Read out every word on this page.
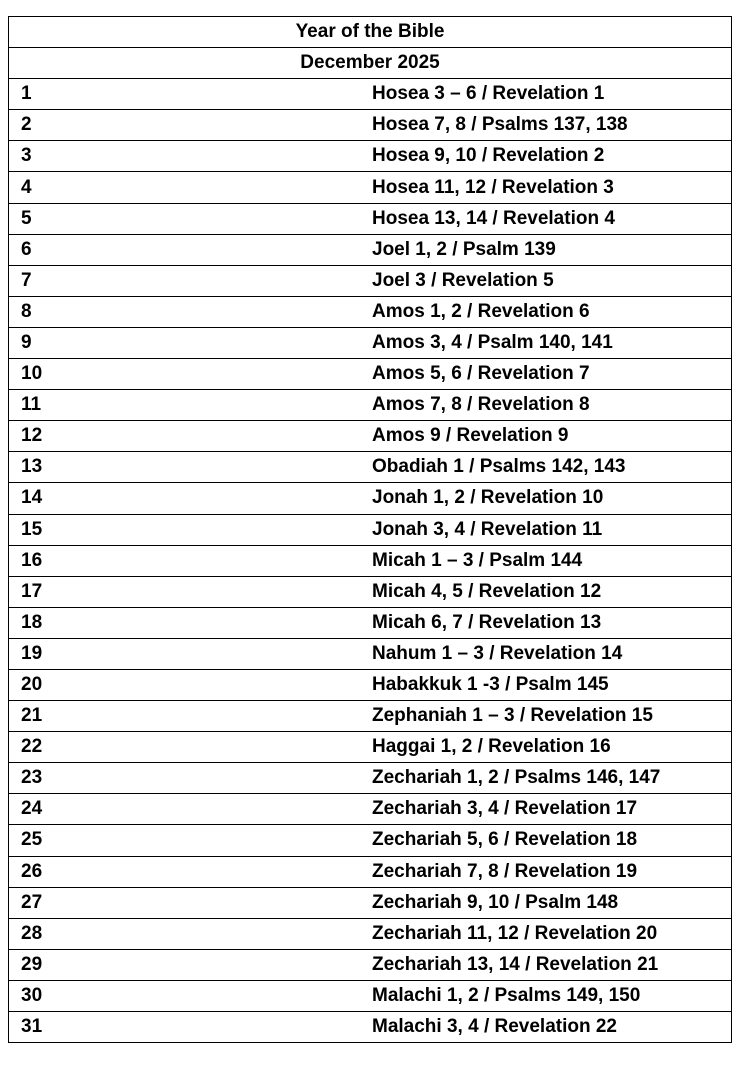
Year of the Bible	
December 2025	
1	Hosea 3 – 6 / Revelation 1
2	Hosea 7, 8 / Psalms 137, 138
3	Hosea 9, 10 / Revelation 2
4	Hosea 11, 12 / Revelation 3
5	Hosea 13, 14 / Revelation 4
6	Joel 1, 2 / Psalm 139
7	Joel 3 / Revelation 5
8	Amos 1, 2 / Revelation 6
9	Amos 3, 4 / Psalm 140, 141
10	Amos 5, 6 / Revelation 7
11	Amos 7, 8 / Revelation 8
12	Amos 9 / Revelation 9
13	Obadiah 1 / Psalms 142, 143
14	Jonah 1, 2 / Revelation 10
15	Jonah 3, 4 / Revelation 11
16	Micah 1 – 3 / Psalm 144
17	Micah 4, 5 / Revelation 12
18	Micah 6, 7 / Revelation 13
19	Nahum 1 – 3 / Revelation 14
20	Habakkuk 1 -3 / Psalm 145
21	Zephaniah 1 – 3 / Revelation 15
22	Haggai 1, 2 / Revelation 16
23	Zechariah 1, 2 / Psalms 146, 147
24	Zechariah 3, 4 / Revelation 17
25	Zechariah 5, 6 / Revelation 18
26	Zechariah 7, 8 / Revelation 19
27	Zechariah 9, 10 / Psalm 148
28	Zechariah 11, 12 / Revelation 20
29	Zechariah 13, 14 / Revelation 21
30	Malachi 1, 2 / Psalms 149, 150
31	Malachi 3, 4 / Revelation 22
